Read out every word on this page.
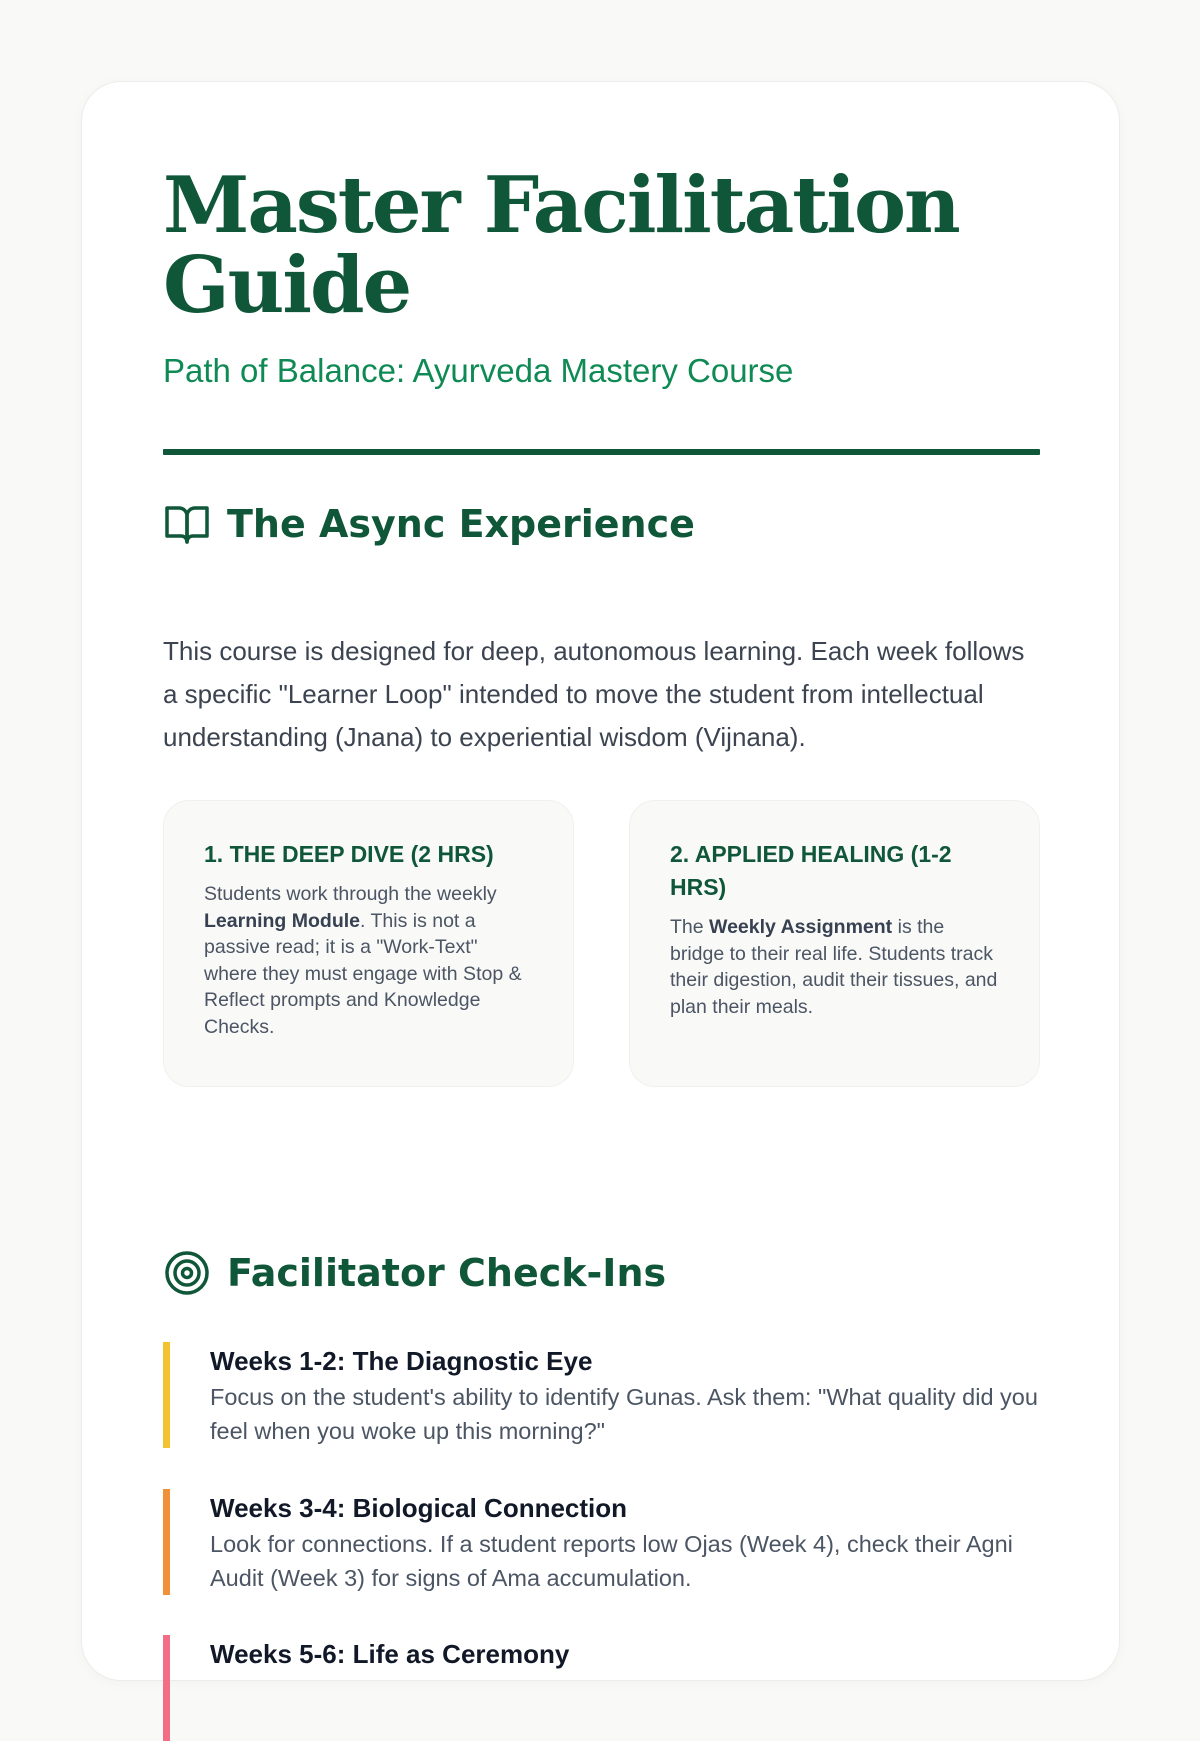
Master Facilitation Guide
Path of Balance: Ayurveda Mastery Course
The Async Experience

This course is designed for deep, autonomous learning. Each week follows a specific "Learner Loop" intended to move the student from intellectual understanding (Jnana) to experiential wisdom (Vijnana).

1. THE DEEP DIVE (2 HRS)

Students work through the weekly Learning Module. This is not a passive read; it is a "Work-Text" where they must engage with Stop & Reflect prompts and Knowledge Checks.

2. APPLIED HEALING (1-2 HRS)

The Weekly Assignment is the bridge to their real life. Students track their digestion, audit their tissues, and plan their meals.

Facilitator Check-Ins
Weeks 1-2: The Diagnostic Eye

Focus on the student's ability to identify Gunas. Ask them: "What quality did you feel when you woke up this morning?"

Weeks 3-4: Biological Connection

Look for connections. If a student reports low Ojas (Week 4), check their Agni Audit (Week 3) for signs of Ama accumulation.

Weeks 5-6: Life as Ceremony
